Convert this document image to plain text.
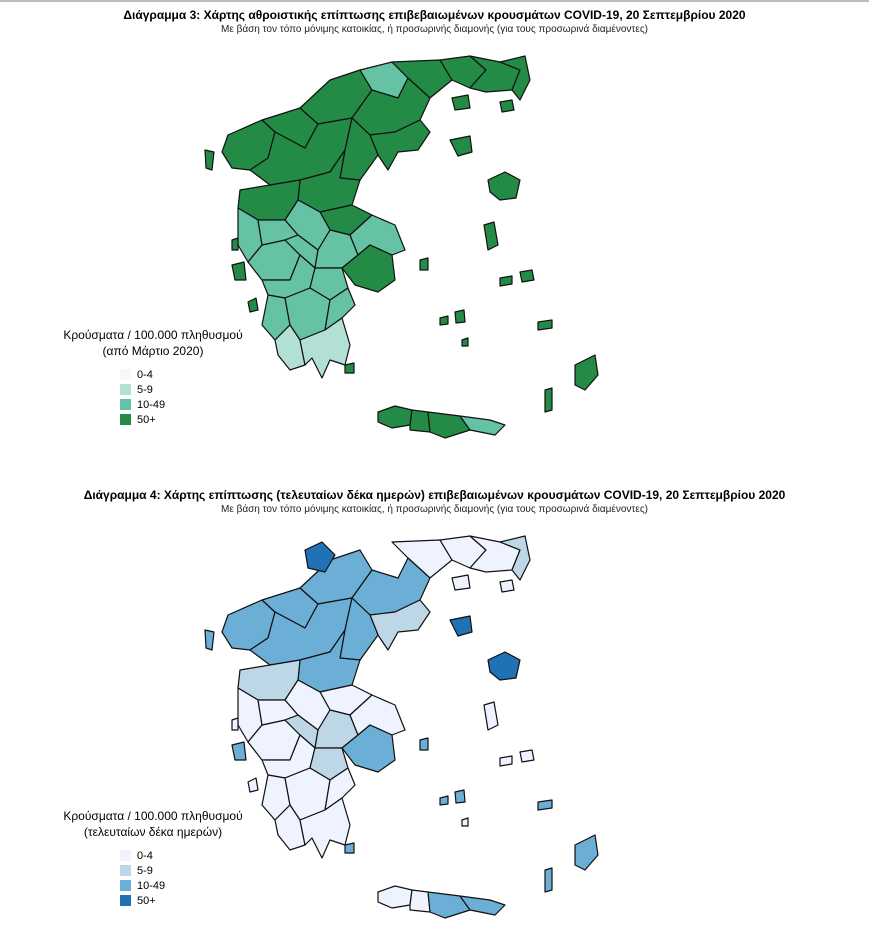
Διάγραμμα 3: Χάρτης αθροιστικής επίπτωσης επιβεβαιωμένων κρουσμάτων COVID-19, 20 Σεπτεμβρίου 2020
Με βάση τον τόπο μόνιμης κατοικίας, ή προσωρινής διαμονής (για τους προσωρινά διαμένοντες)
Κρούσματα / 100.000 πληθυσμού
(από Μάρτιο 2020)
0-4
5-9
10-49
50+
Διάγραμμα 4: Χάρτης επίπτωσης (τελευταίων δέκα ημερών) επιβεβαιωμένων κρουσμάτων COVID-19, 20 Σεπτεμβρίου 2020
Με βάση τον τόπο μόνιμης κατοικίας, ή προσωρινής διαμονής (για τους προσωρινά διαμένοντες)
Κρούσματα / 100.000 πληθυσμού
(τελευταίων δέκα ημερών)
0-4
5-9
10-49
50+
